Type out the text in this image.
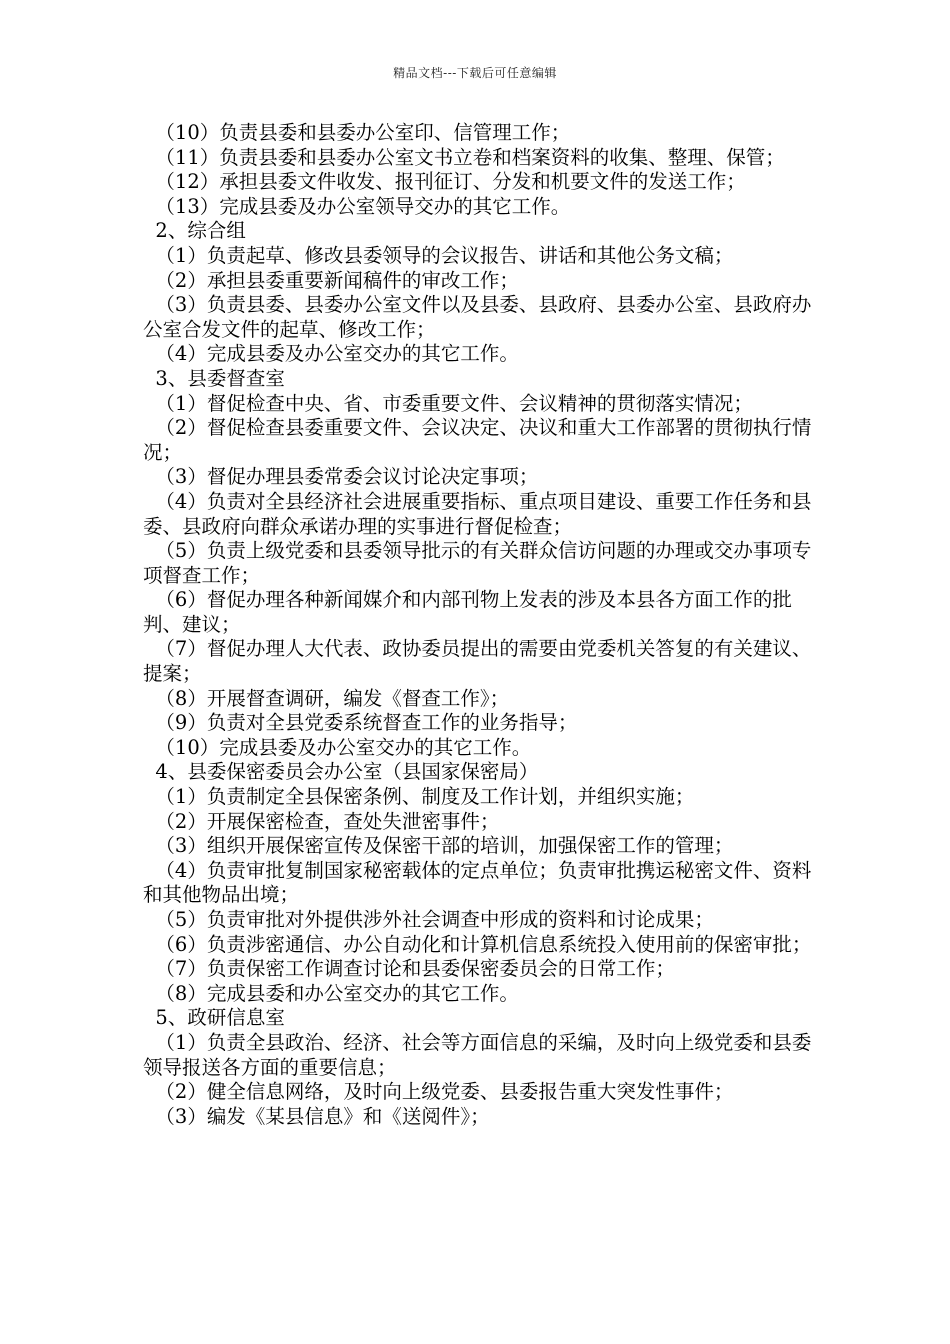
精品文档---下载后可任意编辑
（10）负责县委和县委办公室印、信管理工作；
（11）负责县委和县委办公室文书立卷和档案资料的收集、整理、保管；
（12）承担县委文件收发、报刊征订、分发和机要文件的发送工作；
（13）完成县委及办公室领导交办的其它工作。
2、综合组
（1）负责起草、修改县委领导的会议报告、讲话和其他公务文稿；
（2）承担县委重要新闻稿件的审改工作；
（3）负责县委、县委办公室文件以及县委、县政府、县委办公室、县政府办公室合发文件的起草、修改工作；
（4）完成县委及办公室交办的其它工作。
3、县委督查室
（1）督促检查中央、省、市委重要文件、会议精神的贯彻落实情况；
（2）督促检查县委重要文件、会议决定、决议和重大工作部署的贯彻执行情况；
（3）督促办理县委常委会议讨论决定事项；
（4）负责对全县经济社会进展重要指标、重点项目建设、重要工作任务和县委、县政府向群众承诺办理的实事进行督促检查；
（5）负责上级党委和县委领导批示的有关群众信访问题的办理或交办事项专项督查工作；
（6）督促办理各种新闻媒介和内部刊物上发表的涉及本县各方面工作的批判、建议；
（7）督促办理人大代表、政协委员提出的需要由党委机关答复的有关建议、提案；
（8）开展督查调研，编发《督查工作》；
（9）负责对全县党委系统督查工作的业务指导；
（10）完成县委及办公室交办的其它工作。
4、县委保密委员会办公室（县国家保密局）
（1）负责制定全县保密条例、制度及工作计划，并组织实施；
（2）开展保密检查，查处失泄密事件；
（3）组织开展保密宣传及保密干部的培训，加强保密工作的管理；
（4）负责审批复制国家秘密载体的定点单位；负责审批携运秘密文件、资料和其他物品出境；
（5）负责审批对外提供涉外社会调查中形成的资料和讨论成果；
（6）负责涉密通信、办公自动化和计算机信息系统投入使用前的保密审批；
（7）负责保密工作调查讨论和县委保密委员会的日常工作；
（8）完成县委和办公室交办的其它工作。
5、政研信息室
（1）负责全县政治、经济、社会等方面信息的采编，及时向上级党委和县委领导报送各方面的重要信息；
（2）健全信息网络，及时向上级党委、县委报告重大突发性事件；
（3）编发《某县信息》和《送阅件》；
